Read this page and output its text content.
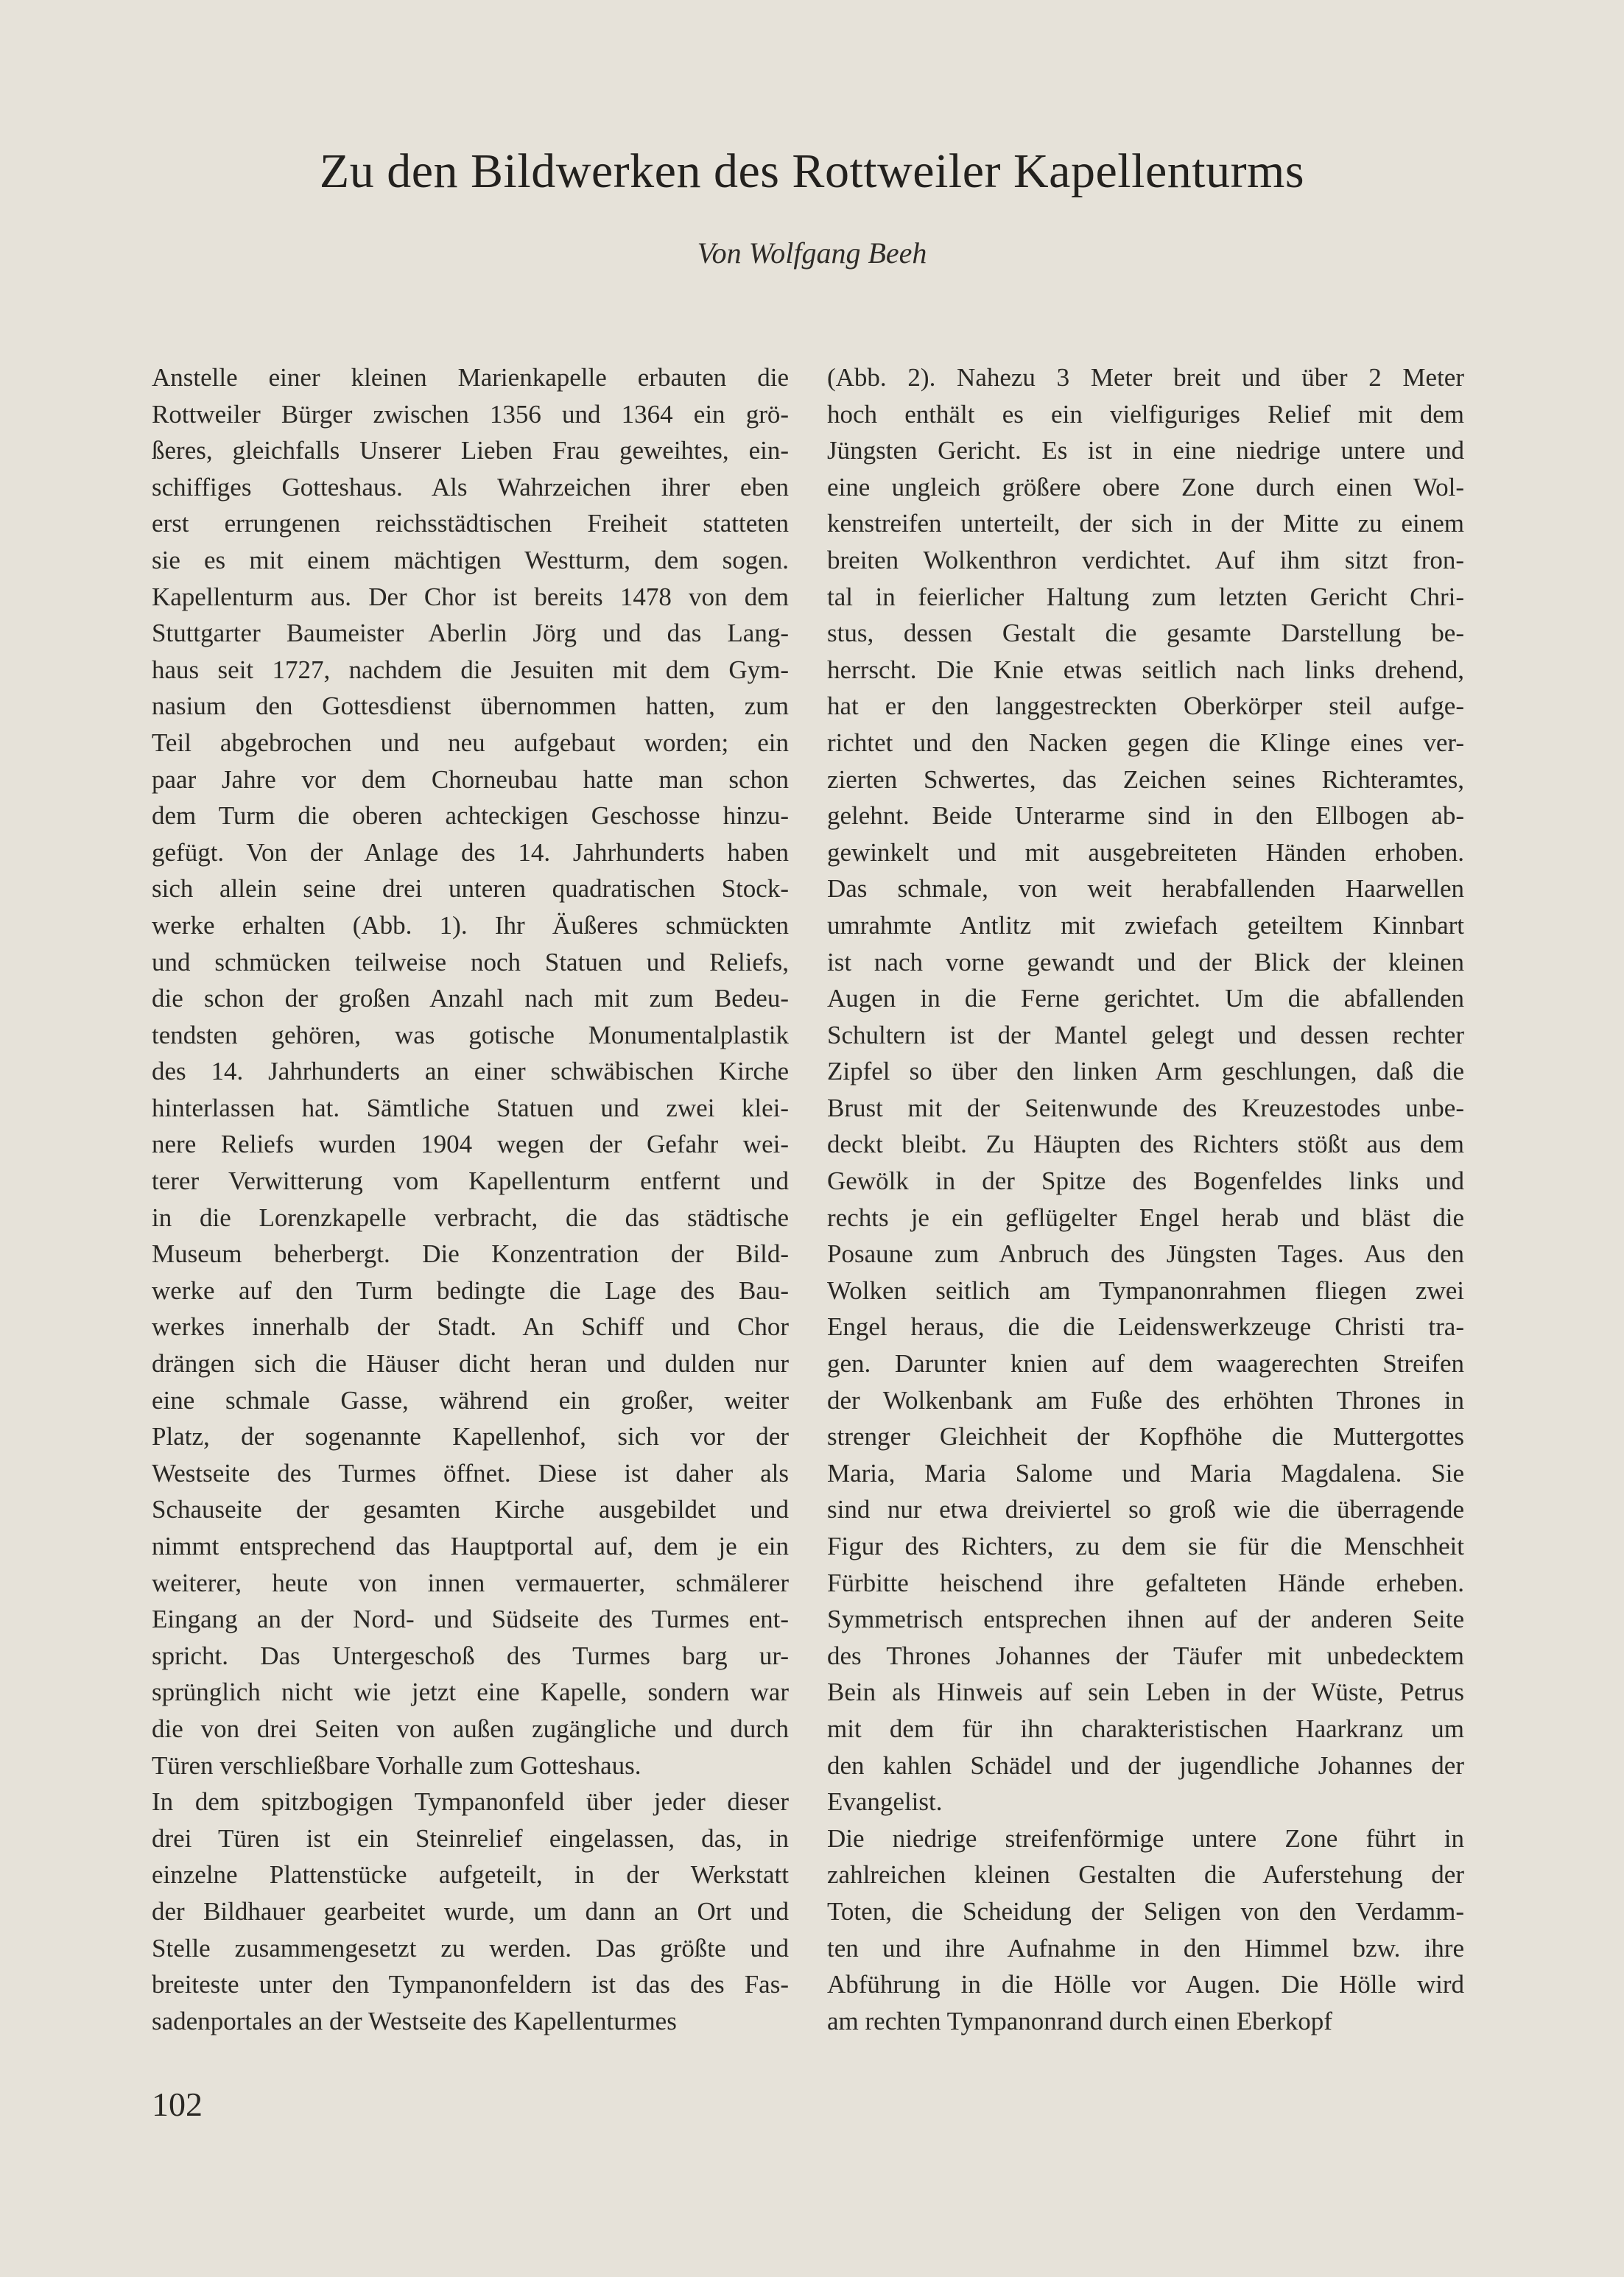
Zu den Bildwerken des Rottweiler Kapellenturms
Von Wolfgang Beeh
Anstelle einer kleinen Marienkapelle erbauten die
Rottweiler Bürger zwischen 1356 und 1364 ein grö-
ßeres, gleichfalls Unserer Lieben Frau geweihtes, ein-
schiffiges Gotteshaus. Als Wahrzeichen ihrer eben
erst errungenen reichsstädtischen Freiheit statteten
sie es mit einem mächtigen Westturm, dem sogen.
Kapellenturm aus. Der Chor ist bereits 1478 von dem
Stuttgarter Baumeister Aberlin Jörg und das Lang-
haus seit 1727, nachdem die Jesuiten mit dem Gym-
nasium den Gottesdienst übernommen hatten, zum
Teil abgebrochen und neu aufgebaut worden; ein
paar Jahre vor dem Chorneubau hatte man schon
dem Turm die oberen achteckigen Geschosse hinzu-
gefügt. Von der Anlage des 14. Jahrhunderts haben
sich allein seine drei unteren quadratischen Stock-
werke erhalten (Abb. 1). Ihr Äußeres schmückten
und schmücken teilweise noch Statuen und Reliefs,
die schon der großen Anzahl nach mit zum Bedeu-
tendsten gehören, was gotische Monumentalplastik
des 14. Jahrhunderts an einer schwäbischen Kirche
hinterlassen hat. Sämtliche Statuen und zwei klei-
nere Reliefs wurden 1904 wegen der Gefahr wei-
terer Verwitterung vom Kapellenturm entfernt und
in die Lorenzkapelle verbracht, die das städtische
Museum beherbergt. Die Konzentration der Bild-
werke auf den Turm bedingte die Lage des Bau-
werkes innerhalb der Stadt. An Schiff und Chor
drängen sich die Häuser dicht heran und dulden nur
eine schmale Gasse, während ein großer, weiter
Platz, der sogenannte Kapellenhof, sich vor der
Westseite des Turmes öffnet. Diese ist daher als
Schauseite der gesamten Kirche ausgebildet und
nimmt entsprechend das Hauptportal auf, dem je ein
weiterer, heute von innen vermauerter, schmälerer
Eingang an der Nord- und Südseite des Turmes ent-
spricht. Das Untergeschoß des Turmes barg ur-
sprünglich nicht wie jetzt eine Kapelle, sondern war
die von drei Seiten von außen zugängliche und durch
Türen verschließbare Vorhalle zum Gotteshaus.
In dem spitzbogigen Tympanonfeld über jeder dieser
drei Türen ist ein Steinrelief eingelassen, das, in
einzelne Plattenstücke aufgeteilt, in der Werkstatt
der Bildhauer gearbeitet wurde, um dann an Ort und
Stelle zusammengesetzt zu werden. Das größte und
breiteste unter den Tympanonfeldern ist das des Fas-
sadenportales an der Westseite des Kapellenturmes
(Abb. 2). Nahezu 3 Meter breit und über 2 Meter
hoch enthält es ein vielfiguriges Relief mit dem
Jüngsten Gericht. Es ist in eine niedrige untere und
eine ungleich größere obere Zone durch einen Wol-
kenstreifen unterteilt, der sich in der Mitte zu einem
breiten Wolkenthron verdichtet. Auf ihm sitzt fron-
tal in feierlicher Haltung zum letzten Gericht Chri-
stus, dessen Gestalt die gesamte Darstellung be-
herrscht. Die Knie etwas seitlich nach links drehend,
hat er den langgestreckten Oberkörper steil aufge-
richtet und den Nacken gegen die Klinge eines ver-
zierten Schwertes, das Zeichen seines Richteramtes,
gelehnt. Beide Unterarme sind in den Ellbogen ab-
gewinkelt und mit ausgebreiteten Händen erhoben.
Das schmale, von weit herabfallenden Haarwellen
umrahmte Antlitz mit zwiefach geteiltem Kinnbart
ist nach vorne gewandt und der Blick der kleinen
Augen in die Ferne gerichtet. Um die abfallenden
Schultern ist der Mantel gelegt und dessen rechter
Zipfel so über den linken Arm geschlungen, daß die
Brust mit der Seitenwunde des Kreuzestodes unbe-
deckt bleibt. Zu Häupten des Richters stößt aus dem
Gewölk in der Spitze des Bogenfeldes links und
rechts je ein geflügelter Engel herab und bläst die
Posaune zum Anbruch des Jüngsten Tages. Aus den
Wolken seitlich am Tympanonrahmen fliegen zwei
Engel heraus, die die Leidenswerkzeuge Christi tra-
gen. Darunter knien auf dem waagerechten Streifen
der Wolkenbank am Fuße des erhöhten Thrones in
strenger Gleichheit der Kopfhöhe die Muttergottes
Maria, Maria Salome und Maria Magdalena. Sie
sind nur etwa dreiviertel so groß wie die überragende
Figur des Richters, zu dem sie für die Menschheit
Fürbitte heischend ihre gefalteten Hände erheben.
Symmetrisch entsprechen ihnen auf der anderen Seite
des Thrones Johannes der Täufer mit unbedecktem
Bein als Hinweis auf sein Leben in der Wüste, Petrus
mit dem für ihn charakteristischen Haarkranz um
den kahlen Schädel und der jugendliche Johannes der
Evangelist.
Die niedrige streifenförmige untere Zone führt in
zahlreichen kleinen Gestalten die Auferstehung der
Toten, die Scheidung der Seligen von den Verdamm-
ten und ihre Aufnahme in den Himmel bzw. ihre
Abführung in die Hölle vor Augen. Die Hölle wird
am rechten Tympanonrand durch einen Eberkopf
102
